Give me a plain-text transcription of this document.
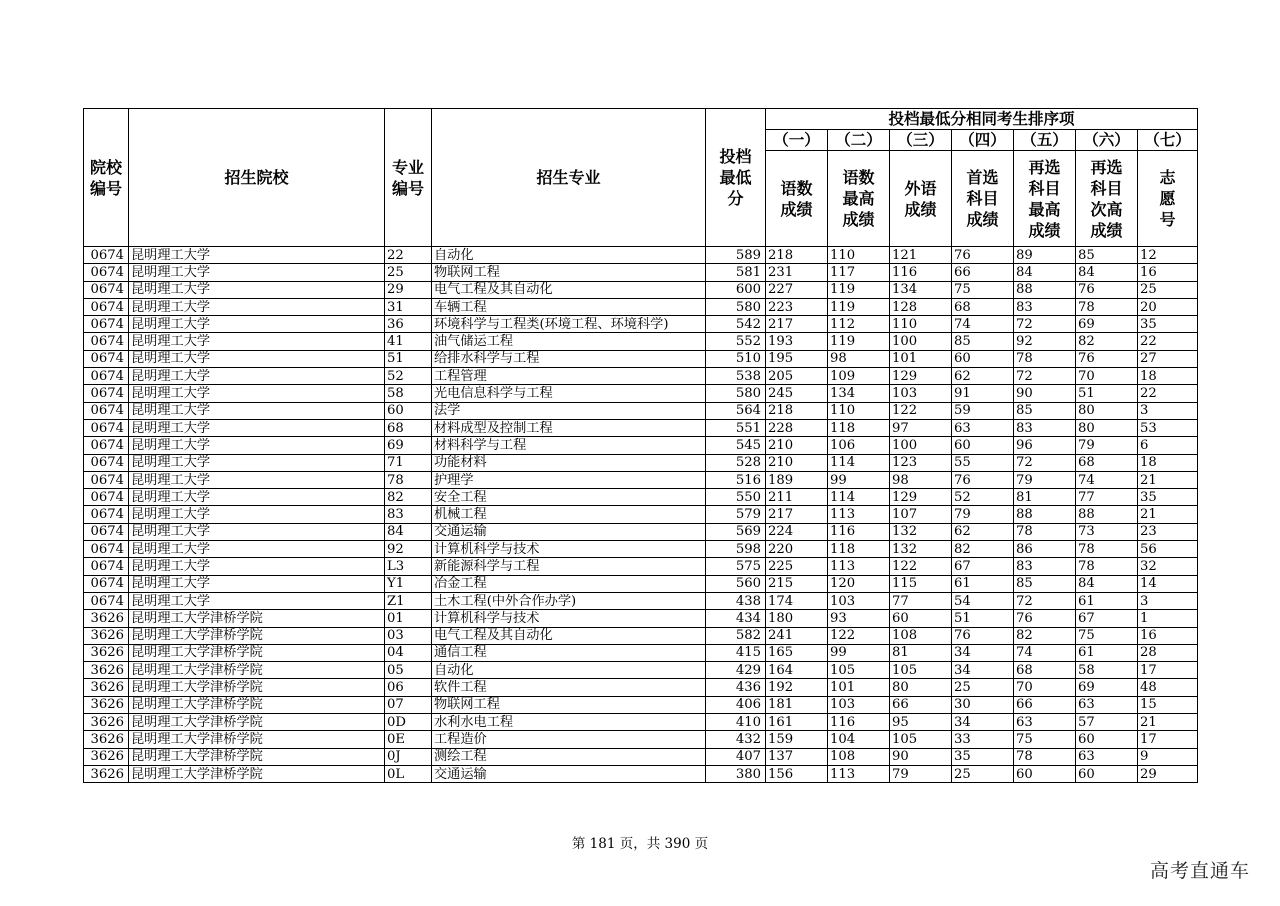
院校编号	招生院校	专业编号	招生专业	投档最低分	投档最低分相同考生排序项						
					（一）	（二）	（三）	（四）	（五）	（六）	（七）
					语数成绩	语数最高成绩	外语成绩	首选科目成绩	再选科目最高成绩	再选科目次高成绩	志愿号
0674	昆明理工大学	22	自动化	589	218	110	121	76	89	85	12
0674	昆明理工大学	25	物联网工程	581	231	117	116	66	84	84	16
0674	昆明理工大学	29	电气工程及其自动化	600	227	119	134	75	88	76	25
0674	昆明理工大学	31	车辆工程	580	223	119	128	68	83	78	20
0674	昆明理工大学	36	环境科学与工程类(环境工程、环境科学)	542	217	112	110	74	72	69	35
0674	昆明理工大学	41	油气储运工程	552	193	119	100	85	92	82	22
0674	昆明理工大学	51	给排水科学与工程	510	195	98	101	60	78	76	27
0674	昆明理工大学	52	工程管理	538	205	109	129	62	72	70	18
0674	昆明理工大学	58	光电信息科学与工程	580	245	134	103	91	90	51	22
0674	昆明理工大学	60	法学	564	218	110	122	59	85	80	3
0674	昆明理工大学	68	材料成型及控制工程	551	228	118	97	63	83	80	53
0674	昆明理工大学	69	材料科学与工程	545	210	106	100	60	96	79	6
0674	昆明理工大学	71	功能材料	528	210	114	123	55	72	68	18
0674	昆明理工大学	78	护理学	516	189	99	98	76	79	74	21
0674	昆明理工大学	82	安全工程	550	211	114	129	52	81	77	35
0674	昆明理工大学	83	机械工程	579	217	113	107	79	88	88	21
0674	昆明理工大学	84	交通运输	569	224	116	132	62	78	73	23
0674	昆明理工大学	92	计算机科学与技术	598	220	118	132	82	86	78	56
0674	昆明理工大学	L3	新能源科学与工程	575	225	113	122	67	83	78	32
0674	昆明理工大学	Y1	冶金工程	560	215	120	115	61	85	84	14
0674	昆明理工大学	Z1	土木工程(中外合作办学)	438	174	103	77	54	72	61	3
3626	昆明理工大学津桥学院	01	计算机科学与技术	434	180	93	60	51	76	67	1
3626	昆明理工大学津桥学院	03	电气工程及其自动化	582	241	122	108	76	82	75	16
3626	昆明理工大学津桥学院	04	通信工程	415	165	99	81	34	74	61	28
3626	昆明理工大学津桥学院	05	自动化	429	164	105	105	34	68	58	17
3626	昆明理工大学津桥学院	06	软件工程	436	192	101	80	25	70	69	48
3626	昆明理工大学津桥学院	07	物联网工程	406	181	103	66	30	66	63	15
3626	昆明理工大学津桥学院	0D	水利水电工程	410	161	116	95	34	63	57	21
3626	昆明理工大学津桥学院	0E	工程造价	432	159	104	105	33	75	60	17
3626	昆明理工大学津桥学院	0J	测绘工程	407	137	108	90	35	78	63	9
3626	昆明理工大学津桥学院	0L	交通运输	380	156	113	79	25	60	60	29
第 181 页，共 390 页
高考直通车
